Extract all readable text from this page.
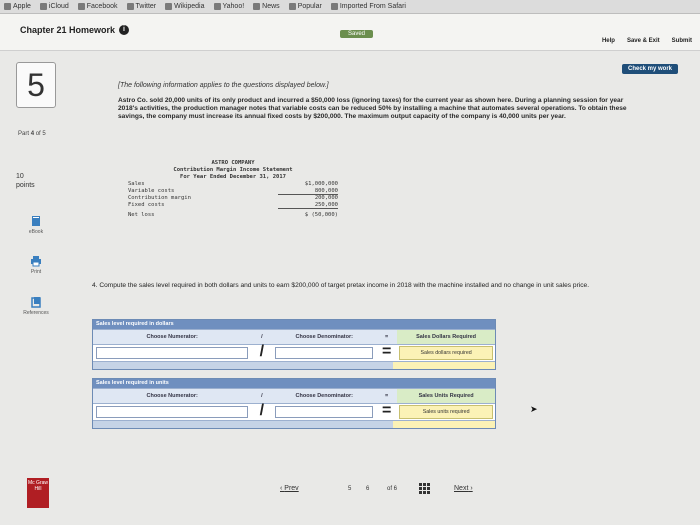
Apple	iCloud	Facebook	Twitter	Wikipedia	Yahoo!	News	Popular	Imported From Safari
Chapter 21 Homework	i
Saved
Help Save & Exit Submit
Check my work
5
Part 4 of 5
10
points
eBook
Print
References
[The following information applies to the questions displayed below.]
Astro Co. sold 20,000 units of its only product and incurred a $50,000 loss (ignoring taxes) for the current year as shown here. During a planning session for year 2018's activities, the production manager notes that variable costs can be reduced 50% by installing a machine that automates several operations. To obtain these savings, the company must increase its annual fixed costs by $200,000. The maximum output capacity of the company is 40,000 units per year.
ASTRO COMPANY
Contribution Margin Income Statement
For Year Ended December 31, 2017
Sales	$1,000,000
Variable costs	800,000
Contribution margin	200,000
Fixed costs	250,000
Net loss	$ (50,000)
4. Compute the sales level required in both dollars and units to earn $200,000 of target pretax income in 2018 with the machine installed and no change in unit sales price.
Sales level required in dollars
Choose Numerator:	/	Choose Denominator:	=	Sales Dollars Required
/	=	Sales dollars required
Sales level required in units
Choose Numerator:	/	Choose Denominator:	=	Sales Units Required
/	=	Sales units required	➤
‹ Prev	5 6	of 6	Next ›
Mc Graw Hill
